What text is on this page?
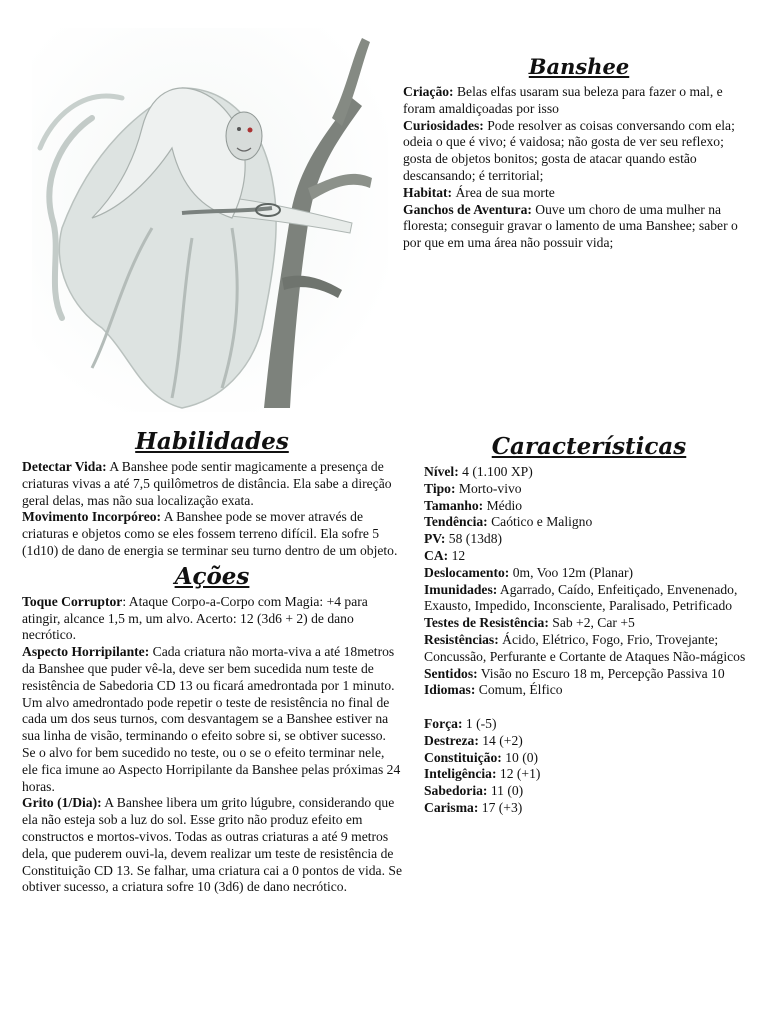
Banshee

Criação: Belas elfas usaram sua beleza para fazer o mal, e foram amaldiçoadas por isso

Curiosidades: Pode resolver as coisas conversando com ela; odeia o que é vivo; é vaidosa; não gosta de ver seu reflexo; gosta de objetos bonitos; gosta de atacar quando estão descansando; é territorial;

Habitat: Área de sua morte

Ganchos de Aventura: Ouve um choro de uma mulher na floresta; conseguir gravar o lamento de uma Banshee; saber o por que em uma área não possuir vida;

Habilidades

Detectar Vida: A Banshee pode sentir magicamente a presença de criaturas vivas a até 7,5 quilômetros de distância. Ela sabe a direção geral delas, mas não sua localização exata.

Movimento Incorpóreo: A Banshee pode se mover através de criaturas e objetos como se eles fossem terreno difícil. Ela sofre 5 (1d10) de dano de energia se terminar seu turno dentro de um objeto.

Ações

Toque Corruptor: Ataque Corpo-a-Corpo com Magia: +4 para atingir, alcance 1,5 m, um alvo. Acerto: 12 (3d6 + 2) de dano necrótico.

Aspecto Horripilante: Cada criatura não morta-viva a até 18metros da Banshee que puder vê-la, deve ser bem sucedida num teste de resistência de Sabedoria CD 13 ou ficará amedrontada por 1 minuto. Um alvo amedrontado pode repetir o teste de resistência no final de cada um dos seus turnos, com desvantagem se a Banshee estiver na sua linha de visão, terminando o efeito sobre si, se obtiver sucesso. Se o alvo for bem sucedido no teste, ou o se o efeito terminar nele, ele fica imune ao Aspecto Horripilante da Banshee pelas próximas 24 horas.

Grito (1/Dia): A Banshee libera um grito lúgubre, considerando que ela não esteja sob a luz do sol. Esse grito não produz efeito em constructos e mortos-vivos. Todas as outras criaturas a até 9 metros dela, que puderem ouvi-la, devem realizar um teste de resistência de Constituição CD 13. Se falhar, uma criatura cai a 0 pontos de vida. Se obtiver sucesso, a criatura sofre 10 (3d6) de dano necrótico.

Características

Nível: 4 (1.100 XP)

Tipo: Morto-vivo

Tamanho: Médio

Tendência: Caótico e Maligno

PV: 58 (13d8)

CA: 12

Deslocamento: 0m, Voo 12m (Planar)

Imunidades: Agarrado, Caído, Enfeitiçado, Envenenado, Exausto, Impedido, Inconsciente, Paralisado, Petrificado

Testes de Resistência: Sab +2, Car +5

Resistências: Ácido, Elétrico, Fogo, Frio, Trovejante; Concussão, Perfurante e Cortante de Ataques Não-mágicos

Sentidos: Visão no Escuro 18 m, Percepção Passiva 10

Idiomas: Comum, Élfico

Força: 1 (-5)

Destreza: 14 (+2)

Constituição: 10 (0)

Inteligência: 12 (+1)

Sabedoria: 11 (0)

Carisma: 17 (+3)
